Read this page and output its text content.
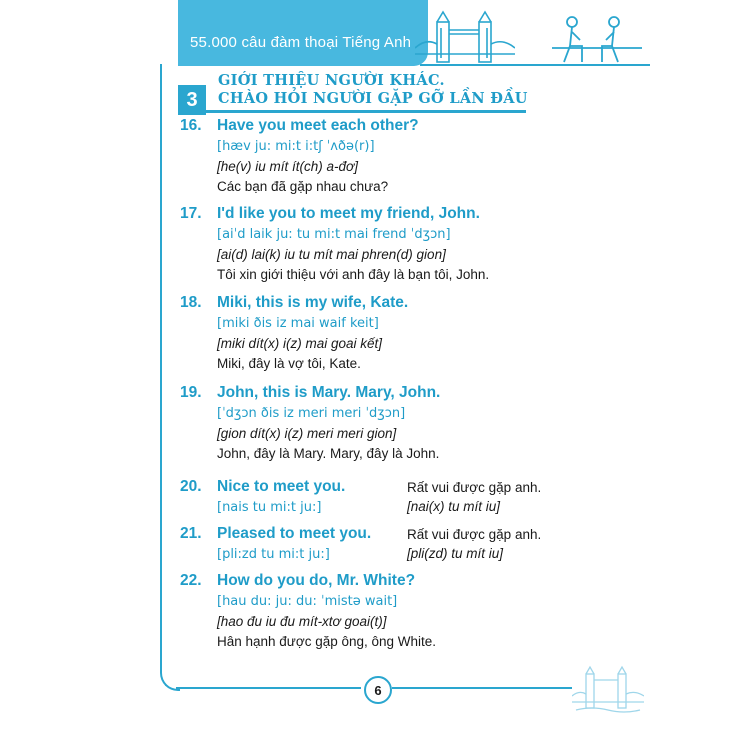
55.000 câu đàm thoại Tiếng Anh
3
GIỚI THIỆU NGƯỜI KHÁC.
CHÀO HỎI NGƯỜI GẶP GỠ LẦN ĐẦU
16. Have you meet each other?
[hæv ju: mi:t i:tʃ ˈʌðə(r)]
[he(v) iu mít ít(ch) a-đơ]
Các bạn đã gặp nhau chưa?
17. I'd like you to meet my friend, John.
[aiˈd laik ju: tu mi:t mai frend ˈdʒɔn]
[ai(d) lai(k) iu tu mít mai phren(d) gion]
Tôi xin giới thiệu với anh đây là bạn tôi, John.
18. Miki, this is my wife, Kate.
[miki ðis iz mai waif keit]
[miki dít(x) i(z) mai goai kết]
Miki, đây là vợ tôi, Kate.
19. John, this is Mary. Mary, John.
[ˈdʒɔn ðis iz meri meri ˈdʒɔn]
[gion dít(x) i(z) meri meri gion]
John, đây là Mary. Mary, đây là John.
20. Nice to meet you.
[nais tu mi:t ju:]
Rất vui được gặp anh.
[nai(x) tu mít iu]
21. Pleased to meet you.
[pli:zd tu mi:t ju:]
Rất vui được gặp anh.
[pli(zd) tu mít iu]
22. How do you do, Mr. White?
[hau du: ju: du: ˈmistə wait]
[hao đu iu đu mít-xtơ goai(t)]
Hân hạnh được gặp ông, ông White.
6
